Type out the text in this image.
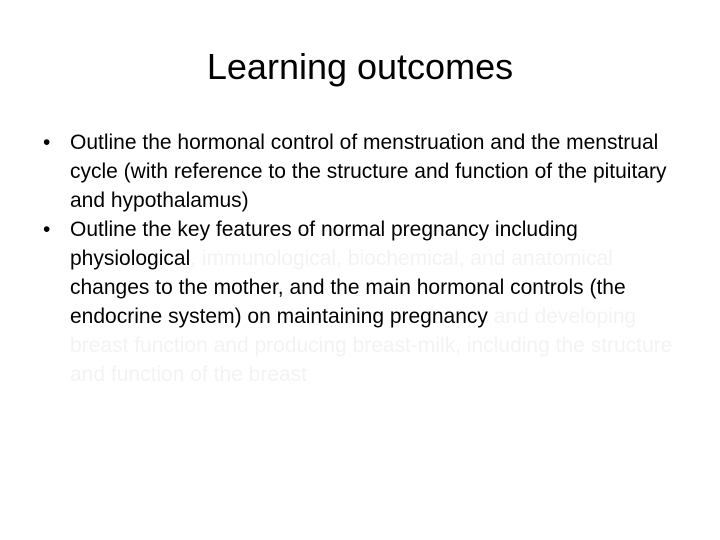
Learning outcomes
• Outline the hormonal control of menstruation and the menstrual cycle (with reference to the structure and function of the pituitary and hypothalamus)
• Outline the key features of normal pregnancy including physiological, immunological, biochemical, and anatomical changes to the mother, and the main hormonal controls (the endocrine system) on maintaining pregnancy and developing breast function and producing breast-milk, including the structure and function of the breast
